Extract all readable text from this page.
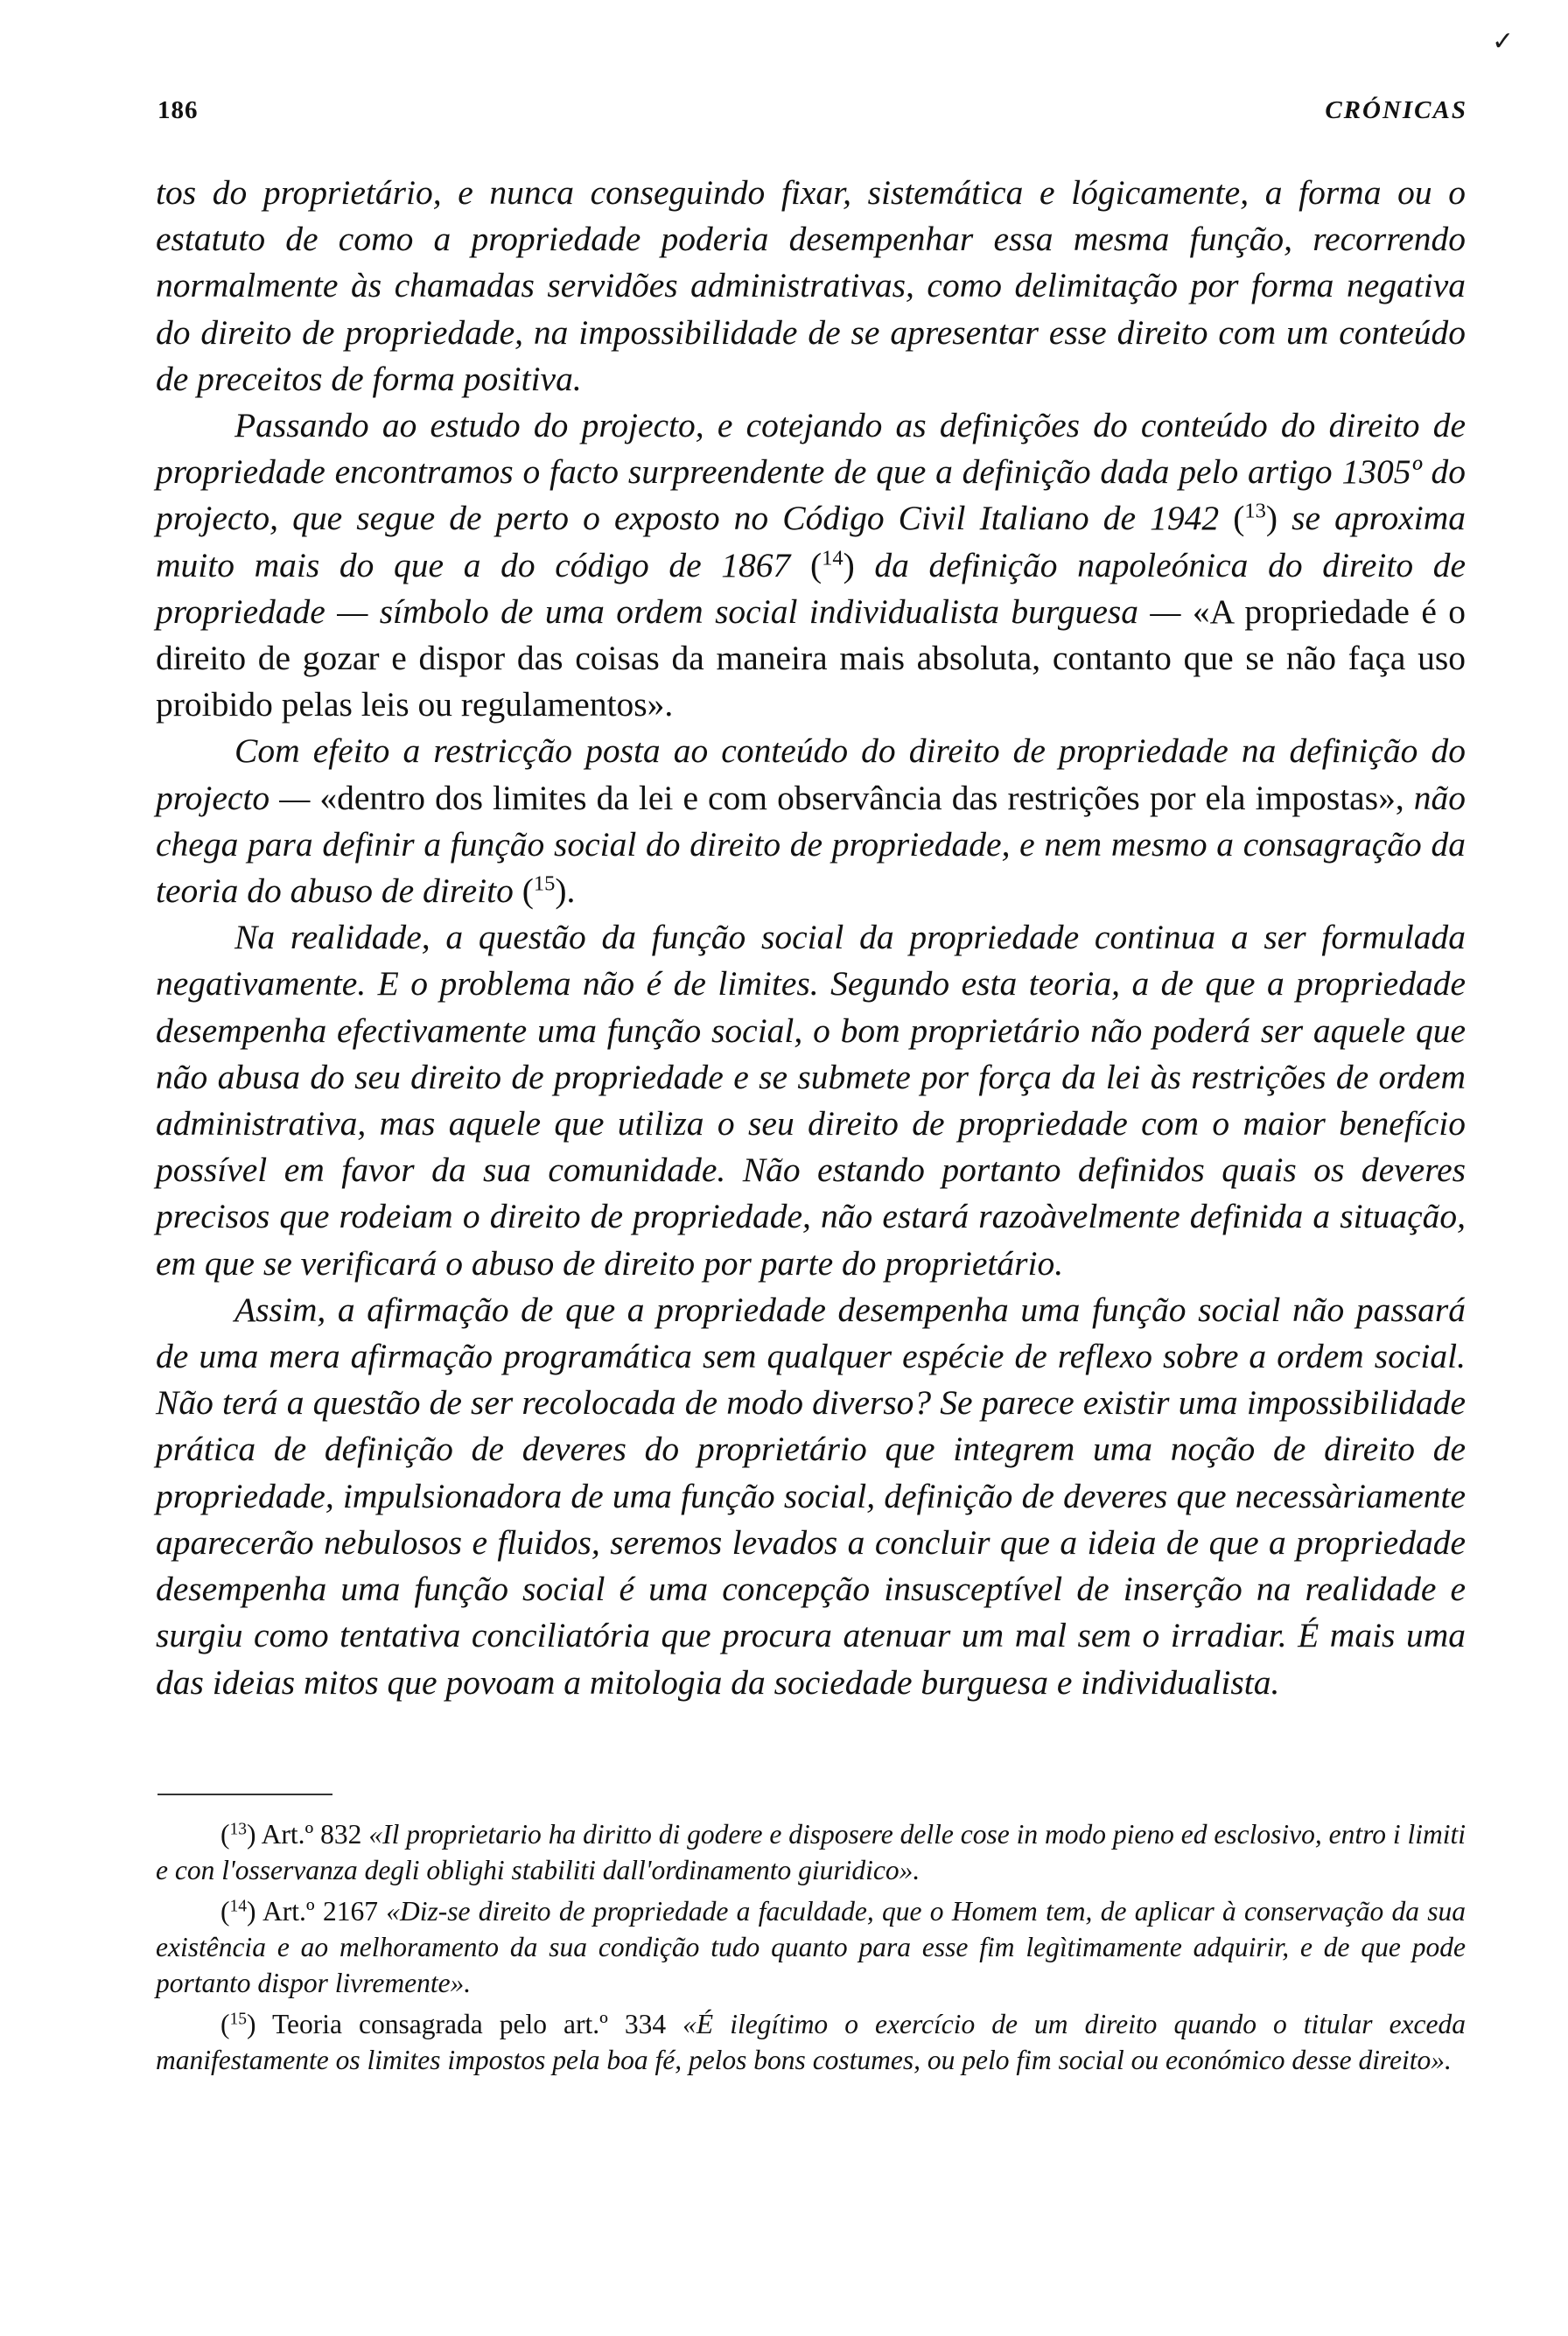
✓
186	CRÓNICAS

tos do proprietário, e nunca conseguindo fixar, sistemática e lógicamente, a forma ou o estatuto de como a propriedade poderia desempenhar essa mesma função, recorrendo normalmente às chamadas servidões administrativas, como delimitação por forma negativa do direito de propriedade, na impossibilidade de se apresentar esse direito com um conteúdo de preceitos de forma positiva.

Passando ao estudo do projecto, e cotejando as definições do conteúdo do direito de propriedade encontramos o facto surpreendente de que a definição dada pelo artigo 1305º do projecto, que segue de perto o exposto no Código Civil Italiano de 1942 ($^{13}$) se aproxima muito mais do que a do código de 1867 ($^{14}$) da definição napoleónica do direito de propriedade — símbolo de uma ordem social individualista burguesa — «A propriedade é o direito de gozar e dispor das coisas da maneira mais absoluta, contanto que se não faça uso proibido pelas leis ou regulamentos».

Com efeito a restricção posta ao conteúdo do direito de propriedade na definição do projecto — «dentro dos limites da lei e com observância das restrições por ela impostas», não chega para definir a função social do direito de propriedade, e nem mesmo a consagração da teoria do abuso de direito ($^{15}$).

Na realidade, a questão da função social da propriedade continua a ser formulada negativamente. E o problema não é de limites. Segundo esta teoria, a de que a propriedade desempenha efectivamente uma função social, o bom proprietário não poderá ser aquele que não abusa do seu direito de propriedade e se submete por força da lei às restrições de ordem administrativa, mas aquele que utiliza o seu direito de propriedade com o maior benefício possível em favor da sua comunidade. Não estando portanto definidos quais os deveres precisos que rodeiam o direito de propriedade, não estará razoàvelmente definida a situação, em que se verificará o abuso de direito por parte do proprietário.

Assim, a afirmação de que a propriedade desempenha uma função social não passará de uma mera afirmação programática sem qualquer espécie de reflexo sobre a ordem social. Não terá a questão de ser recolocada de modo diverso? Se parece existir uma impossibilidade prática de definição de deveres do proprietário que integrem uma noção de direito de propriedade, impulsionadora de uma função social, definição de deveres que necessàriamente aparecerão nebulosos e fluidos, seremos levados a concluir que a ideia de que a propriedade desempenha uma função social é uma concepção insusceptível de inserção na realidade e surgiu como tentativa conciliatória que procura atenuar um mal sem o irradiar. É mais uma das ideias mitos que povoam a mitologia da sociedade burguesa e individualista.

($^{13}$) Art.º 832 «Il proprietario ha diritto di godere e disposere delle cose in modo pieno ed esclosivo, entro i limiti e con l'osservanza degli oblighi stabiliti dall'ordinamento giuridico».

($^{14}$) Art.º 2167 «Diz-se direito de propriedade a faculdade, que o Homem tem, de aplicar à conservação da sua existência e ao melhoramento da sua condição tudo quanto para esse fim legìtimamente adquirir, e de que pode portanto dispor livremente».

($^{15}$) Teoria consagrada pelo art.º 334 «É ilegítimo o exercício de um direito quando o titular exceda manifestamente os limites impostos pela boa fé, pelos bons costumes, ou pelo fim social ou económico desse direito».
